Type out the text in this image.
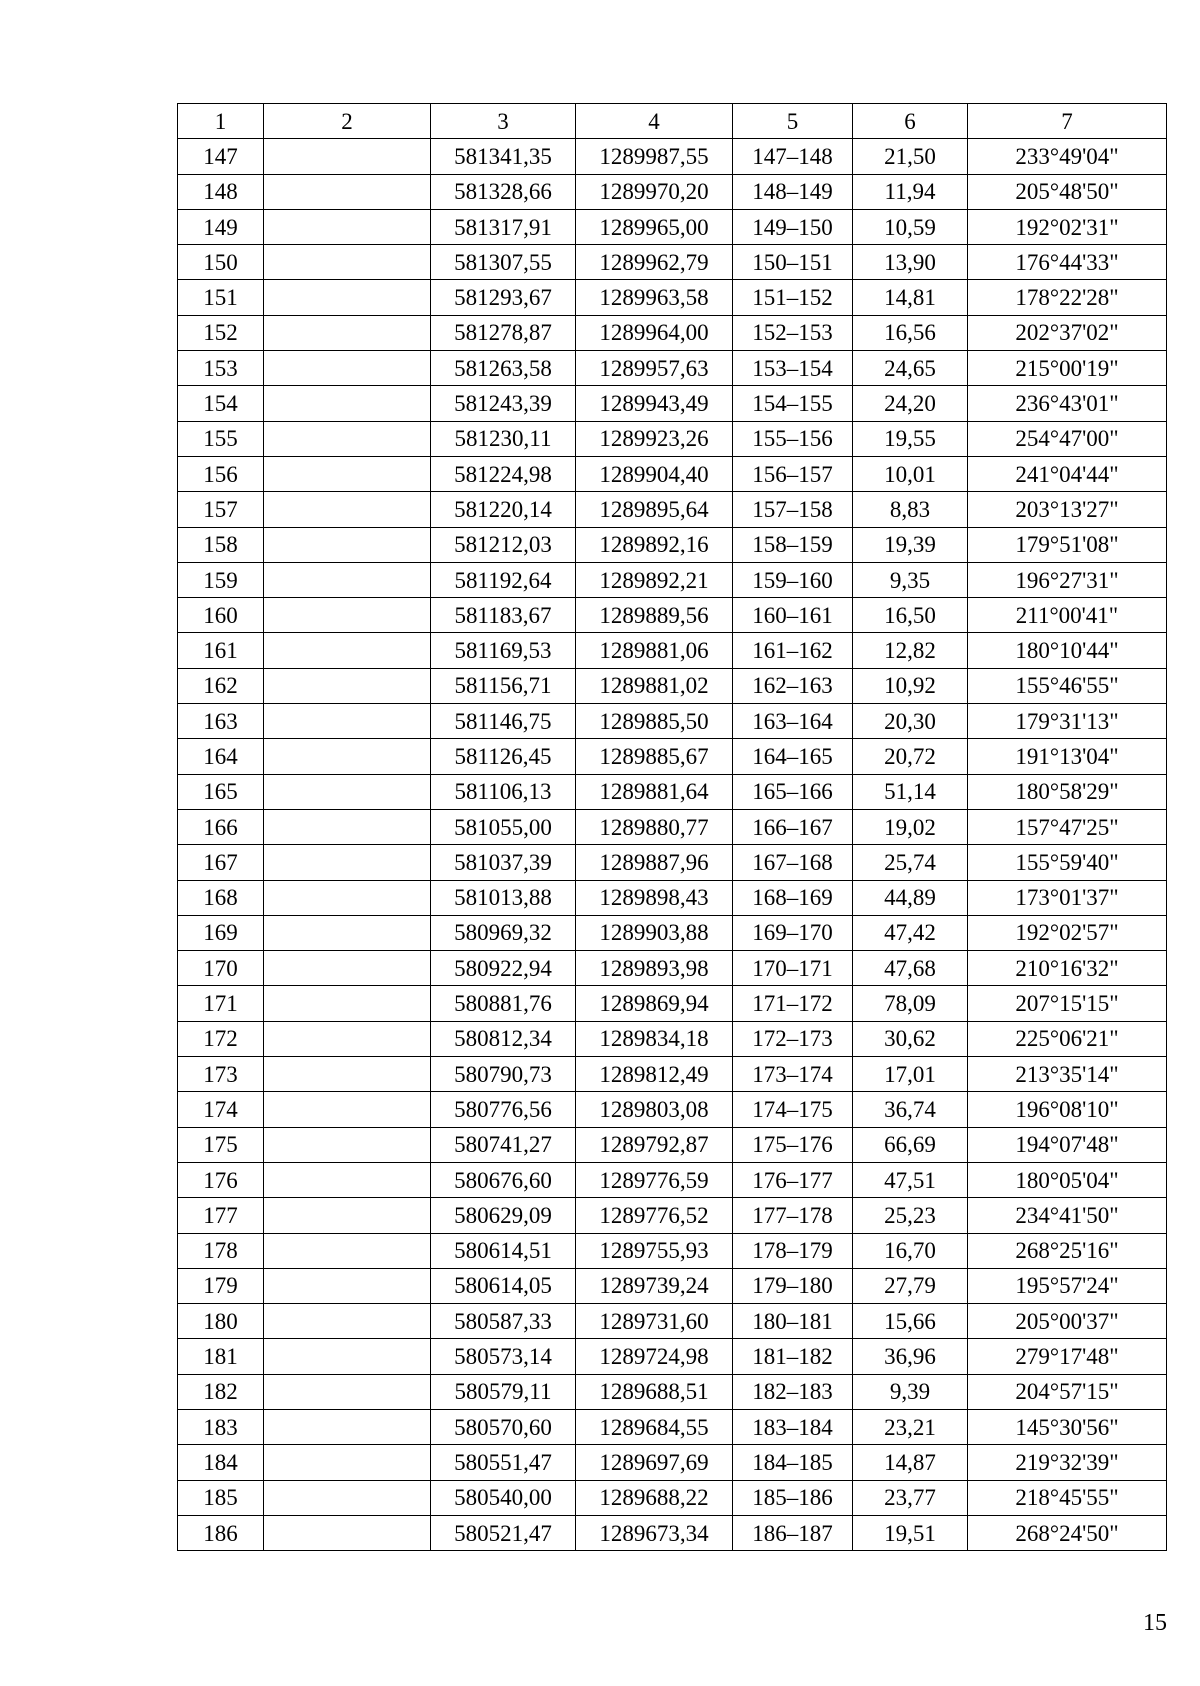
1	2	3	4	5	6	7
147		581341,35	1289987,55	147–148	21,50	233°49'04"
148		581328,66	1289970,20	148–149	11,94	205°48'50"
149		581317,91	1289965,00	149–150	10,59	192°02'31"
150		581307,55	1289962,79	150–151	13,90	176°44'33"
151		581293,67	1289963,58	151–152	14,81	178°22'28"
152		581278,87	1289964,00	152–153	16,56	202°37'02"
153		581263,58	1289957,63	153–154	24,65	215°00'19"
154		581243,39	1289943,49	154–155	24,20	236°43'01"
155		581230,11	1289923,26	155–156	19,55	254°47'00"
156		581224,98	1289904,40	156–157	10,01	241°04'44"
157		581220,14	1289895,64	157–158	8,83	203°13'27"
158		581212,03	1289892,16	158–159	19,39	179°51'08"
159		581192,64	1289892,21	159–160	9,35	196°27'31"
160		581183,67	1289889,56	160–161	16,50	211°00'41"
161		581169,53	1289881,06	161–162	12,82	180°10'44"
162		581156,71	1289881,02	162–163	10,92	155°46'55"
163		581146,75	1289885,50	163–164	20,30	179°31'13"
164		581126,45	1289885,67	164–165	20,72	191°13'04"
165		581106,13	1289881,64	165–166	51,14	180°58'29"
166		581055,00	1289880,77	166–167	19,02	157°47'25"
167		581037,39	1289887,96	167–168	25,74	155°59'40"
168		581013,88	1289898,43	168–169	44,89	173°01'37"
169		580969,32	1289903,88	169–170	47,42	192°02'57"
170		580922,94	1289893,98	170–171	47,68	210°16'32"
171		580881,76	1289869,94	171–172	78,09	207°15'15"
172		580812,34	1289834,18	172–173	30,62	225°06'21"
173		580790,73	1289812,49	173–174	17,01	213°35'14"
174		580776,56	1289803,08	174–175	36,74	196°08'10"
175		580741,27	1289792,87	175–176	66,69	194°07'48"
176		580676,60	1289776,59	176–177	47,51	180°05'04"
177		580629,09	1289776,52	177–178	25,23	234°41'50"
178		580614,51	1289755,93	178–179	16,70	268°25'16"
179		580614,05	1289739,24	179–180	27,79	195°57'24"
180		580587,33	1289731,60	180–181	15,66	205°00'37"
181		580573,14	1289724,98	181–182	36,96	279°17'48"
182		580579,11	1289688,51	182–183	9,39	204°57'15"
183		580570,60	1289684,55	183–184	23,21	145°30'56"
184		580551,47	1289697,69	184–185	14,87	219°32'39"
185		580540,00	1289688,22	185–186	23,77	218°45'55"
186		580521,47	1289673,34	186–187	19,51	268°24'50"
15
